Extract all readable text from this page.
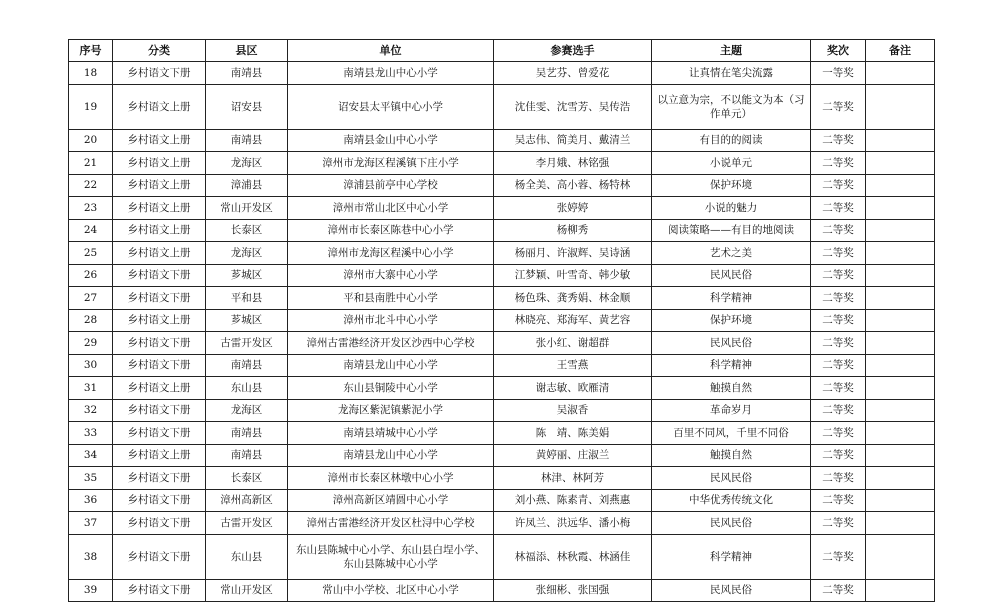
序号	分类	县区	单位	参赛选手	主题	奖次	备注
18	乡村语文下册	南靖县	南靖县龙山中心小学	吴艺芬、曾爱花	让真情在笔尖流露	一等奖	
19	乡村语文上册	诏安县	诏安县太平镇中心小学	沈佳雯、沈雪芳、吴传浩	以立意为宗，不以能文为本（习作单元）	二等奖	
20	乡村语文上册	南靖县	南靖县金山中心小学	吴志伟、简美月、戴清兰	有目的的阅读	二等奖	
21	乡村语文上册	龙海区	漳州市龙海区程溪镇下庄小学	李月娥、林铭强	小说单元	二等奖	
22	乡村语文上册	漳浦县	漳浦县前亭中心学校	杨全美、高小蓉、杨特林	保护环境	二等奖	
23	乡村语文上册	常山开发区	漳州市常山北区中心小学	张婷婷	小说的魅力	二等奖	
24	乡村语文上册	长泰区	漳州市长泰区陈巷中心小学	杨柳秀	阅读策略——有目的地阅读	二等奖	
25	乡村语文上册	龙海区	漳州市龙海区程溪中心小学	杨丽月、许淑辉、吴诗涵	艺术之美	二等奖	
26	乡村语文下册	芗城区	漳州市大寨中心小学	江梦颖、叶雪奇、韩少敏	民风民俗	二等奖	
27	乡村语文下册	平和县	平和县南胜中心小学	杨色珠、龚秀娟、林金顺	科学精神	二等奖	
28	乡村语文上册	芗城区	漳州市北斗中心小学	林晓亮、郑海军、黄艺容	保护环境	二等奖	
29	乡村语文下册	古雷开发区	漳州古雷港经济开发区沙西中心学校	张小红、谢超群	民风民俗	二等奖	
30	乡村语文下册	南靖县	南靖县龙山中心小学	王雪燕	科学精神	二等奖	
31	乡村语文上册	东山县	东山县铜陵中心小学	谢志敏、欧雁清	触摸自然	二等奖	
32	乡村语文下册	龙海区	龙海区紫泥镇紫泥小学	吴淑香	革命岁月	二等奖	
33	乡村语文下册	南靖县	南靖县靖城中心小学	陈　靖、陈美娟	百里不同风，千里不同俗	二等奖	
34	乡村语文上册	南靖县	南靖县龙山中心小学	黄婷丽、庄淑兰	触摸自然	二等奖	
35	乡村语文下册	长泰区	漳州市长泰区林墩中心小学	林津、林阿芳	民风民俗	二等奖	
36	乡村语文下册	漳州高新区	漳州高新区靖圆中心小学	刘小燕、陈素青、刘燕惠	中华优秀传统文化	二等奖	
37	乡村语文下册	古雷开发区	漳州古雷港经济开发区杜浔中心学校	许凤兰、洪远华、潘小梅	民风民俗	二等奖	
38	乡村语文下册	东山县	东山县陈城中心小学、东山县白埕小学、东山县陈城中心小学	林福添、林秋霞、林涵佳	科学精神	二等奖	
39	乡村语文下册	常山开发区	常山中小学校、北区中心小学	张细彬、张国强	民风民俗	二等奖	
